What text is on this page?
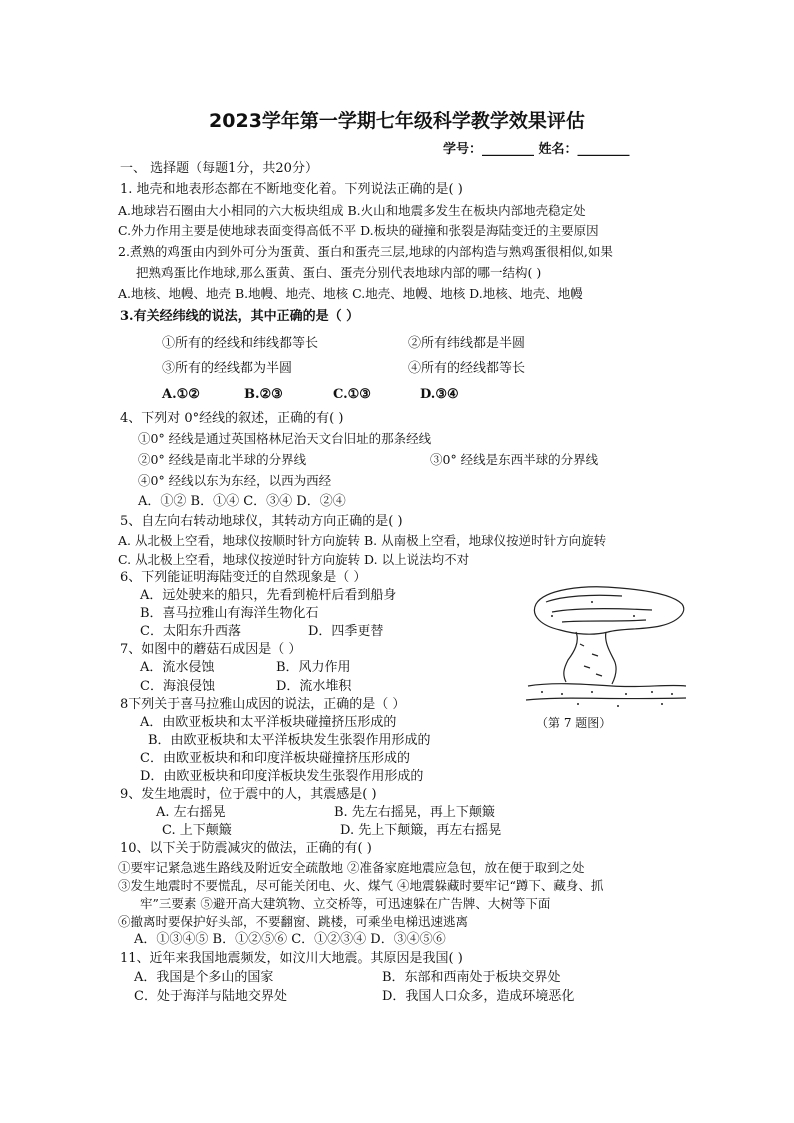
2023学年第一学期七年级科学教学效果评估
学号：________ 姓名：________
一、 选择题（每题1分，共20分）
1. 地壳和地表形态都在不断地变化着。下列说法正确的是( )
A.地球岩石圈由大小相同的六大板块组成 B.火山和地震多发生在板块内部地壳稳定处
C.外力作用主要是使地球表面变得高低不平 D.板块的碰撞和张裂是海陆变迁的主要原因
2.煮熟的鸡蛋由内到外可分为蛋黄、蛋白和蛋壳三层,地球的内部构造与熟鸡蛋很相似,如果
把熟鸡蛋比作地球,那么蛋黄、蛋白、蛋壳分别代表地球内部的哪一结构( )
A.地核、地幔、地壳 B.地幔、地壳、地核 C.地壳、地幔、地核 D.地核、地壳、地幔
3.有关经纬线的说法，其中正确的是（ ）
①所有的经线和纬线都等长	②所有纬线都是半圆
③所有的经线都为半圆	④所有的经线都等长
A.①②	B.②③	C.①③	D.③④
4、下列对 0°经线的叙述，正确的有( )
①0° 经线是通过英国格林尼治天文台旧址的那条经线
②0° 经线是南北半球的分界线	③0° 经线是东西半球的分界线
④0° 经线以东为东经，以西为西经
A．①② B．①④ C．③④ D．②④
5、自左向右转动地球仪，其转动方向正确的是( )
A. 从北极上空看，地球仪按顺时针方向旋转 B. 从南极上空看，地球仪按逆时针方向旋转
C. 从北极上空看，地球仪按逆时针方向旋转 D. 以上说法均不对
6、下列能证明海陆变迁的自然现象是（ ）
A．远处驶来的船只，先看到桅杆后看到船身
B．喜马拉雅山有海洋生物化石
C．太阳东升西落	D．四季更替
7、如图中的蘑菇石成因是（ ）
A．流水侵蚀	B．风力作用
C．海浪侵蚀	D．流水堆积
（第 7 题图）
8下列关于喜马拉雅山成因的说法，正确的是（ ）
A．由欧亚板块和太平洋板块碰撞挤压形成的
B．由欧亚板块和太平洋板块发生张裂作用形成的
C．由欧亚板块和和印度洋板块碰撞挤压形成的
D．由欧亚板块和印度洋板块发生张裂作用形成的
9、发生地震时，位于震中的人，其震感是( )
A. 左右摇晃	B. 先左右摇晃，再上下颠簸
C. 上下颠簸	D. 先上下颠簸，再左右摇晃
10、以下关于防震减灾的做法，正确的有( )
①要牢记紧急逃生路线及附近安全疏散地 ②准备家庭地震应急包，放在便于取到之处
③发生地震时不要慌乱，尽可能关闭电、火、煤气 ④地震躲藏时要牢记“蹲下、藏身、抓
牢”三要素 ⑤避开高大建筑物、立交桥等，可迅速躲在广告牌、大树等下面
⑥撤离时要保护好头部，不要翻窗、跳楼，可乘坐电梯迅速逃离
A．①③④⑤ B．①②⑤⑥ C．①②③④ D．③④⑤⑥
11、近年来我国地震频发，如汶川大地震。其原因是我国( )
A．我国是个多山的国家	B．东部和西南处于板块交界处
C．处于海洋与陆地交界处	D．我国人口众多，造成环境恶化
